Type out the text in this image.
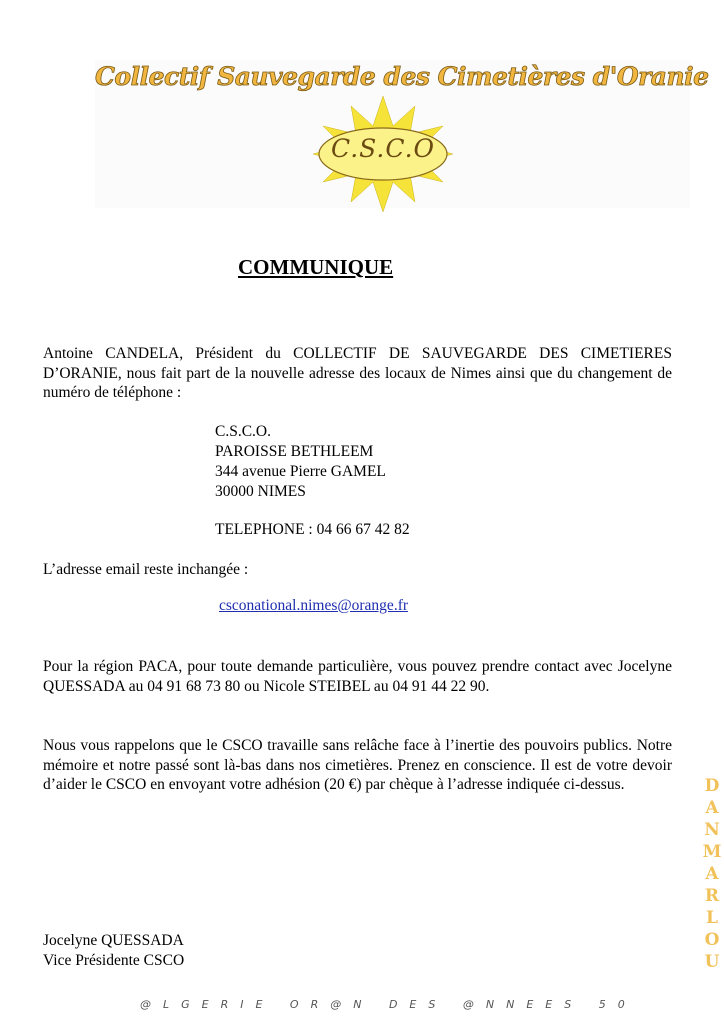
Collectif Sauvegarde des Cimetières d'Oranie
C.S.C.O
COMMUNIQUE
Antoine CANDELA, Président du COLLECTIF DE SAUVEGARDE DES CIMETIERES D’ORANIE, nous fait part de la nouvelle adresse des locaux de Nimes ainsi que du changement de numéro de téléphone :
C.S.C.O.
PAROISSE BETHLEEM
344 avenue Pierre GAMEL
30000 NIMES
TELEPHONE : 04 66 67 42 82
L’adresse email reste inchangée :
csconational.nimes@orange.fr
Pour la région PACA, pour toute demande particulière, vous pouvez prendre contact avec Jocelyne QUESSADA au 04 91 68 73 80 ou Nicole STEIBEL au 04 91 44 22 90.
Nous vous rappelons que le CSCO travaille sans relâche face à l’inertie des pouvoirs publics. Notre mémoire et notre passé sont là-bas dans nos cimetières. Prenez en conscience. Il est de votre devoir d’aider le CSCO en envoyant votre adhésion (20 €) par chèque à l’adresse indiquée ci-dessus.
Jocelyne QUESSADA
Vice Présidente CSCO	DANMARLOU
@LGERIE OR@N DES @NNEES 50
